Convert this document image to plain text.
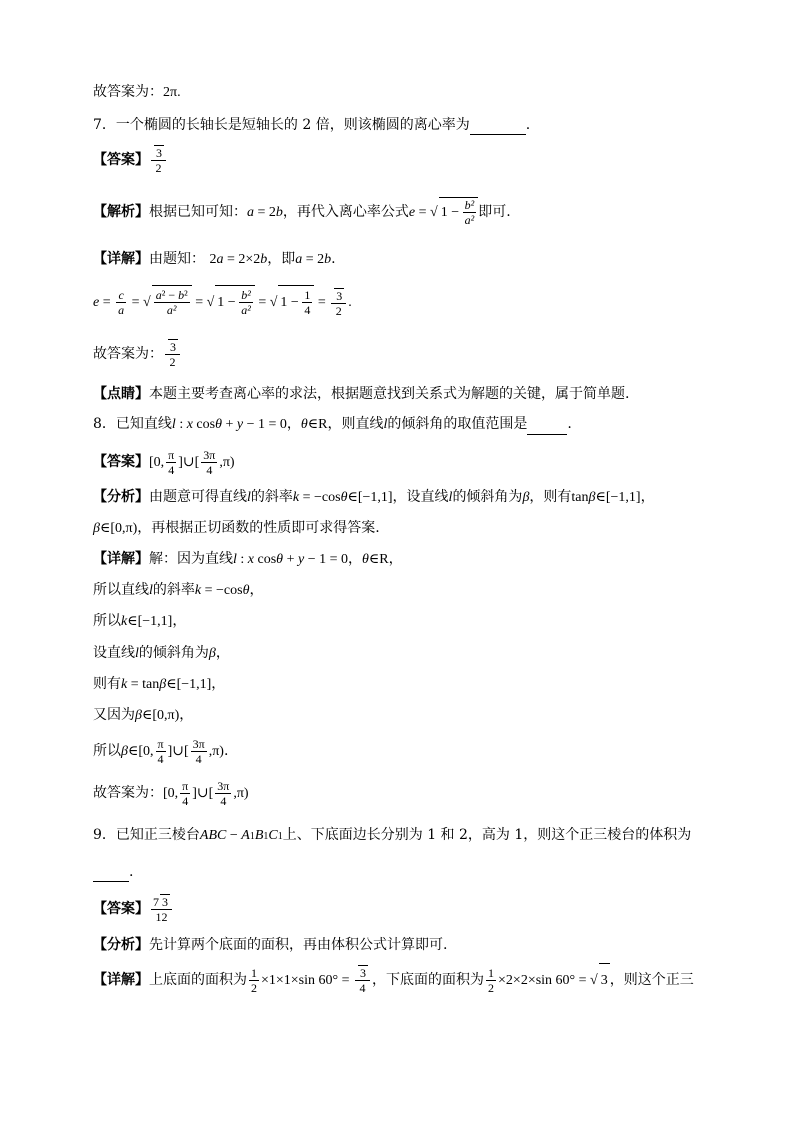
故答案为：2π.
7．一个椭圆的长轴长是短轴长的 2 倍，则该椭圆的离心率为	.
【答案】 $\frac{3}{2}$
【解析】根据已知可知：a = 2b，再代入离心率公式e = √ $1 - \frac{\text{b²}}{\text{a²}}$ 即可.
【详解】由题知： 2a = 2×2b，即a = 2b.
$e = \frac{c}{a}$ = √ $\frac{\text{a² − b²}}{\text{a²}}$ = √ $1 - \frac{\text{b²}}{\text{a²}}$ = √ $1 - \frac{1}{4} = \frac{3}{2}$ .
故答案为： $\frac{3}{2}$
【点睛】本题主要考查离心率的求法，根据题意找到关系式为解题的关键，属于简单题.
8．已知直线l : x cosθ + y − 1 = 0，θ∈R，则直线l的倾斜角的取值范围是	.
【答案】[0, $\frac{\pi}{4}$ ]∪[ $\frac{3\pi}{4} ,\pi$)
【分析】由题意可得直线l的斜率k = −cosθ∈[−1,1]，设直线l的倾斜角为β，则有tanβ∈[−1,1]，
β∈[0,π)，再根据正切函数的性质即可求得答案.
【详解】解：因为直线l : x cosθ + y − 1 = 0，θ∈R，
所以直线l的斜率k = −cosθ，
所以k∈[−1,1]，
设直线l的倾斜角为β，
则有k = tanβ∈[−1,1]，
又因为β∈[0,π)，
所以β∈[0, $\frac{\pi}{4}$ ]∪[ $\frac{3\pi}{4} ,\pi$).
故答案为：[0, $\frac{\pi}{4}$ ]∪[ $\frac{3\pi}{4} ,\pi$)
9．已知正三棱台ABC − A1B1C1上、下底面边长分别为 1 和 2，高为 1，则这个正三棱台的体积为
.
【答案】 $\frac{7 3}{12}$
【分析】先计算两个底面的面积，再由体积公式计算即可.
【详解】上底面的面积为 $\frac{1}{2} \times 1\times 1\times\sin$ $60^\circ = \frac{3}{4}$ ，下底面的面积为 $\frac{1}{2} \times 2\times 2\times\sin$ 60° = √ 3 ，则这个正三
